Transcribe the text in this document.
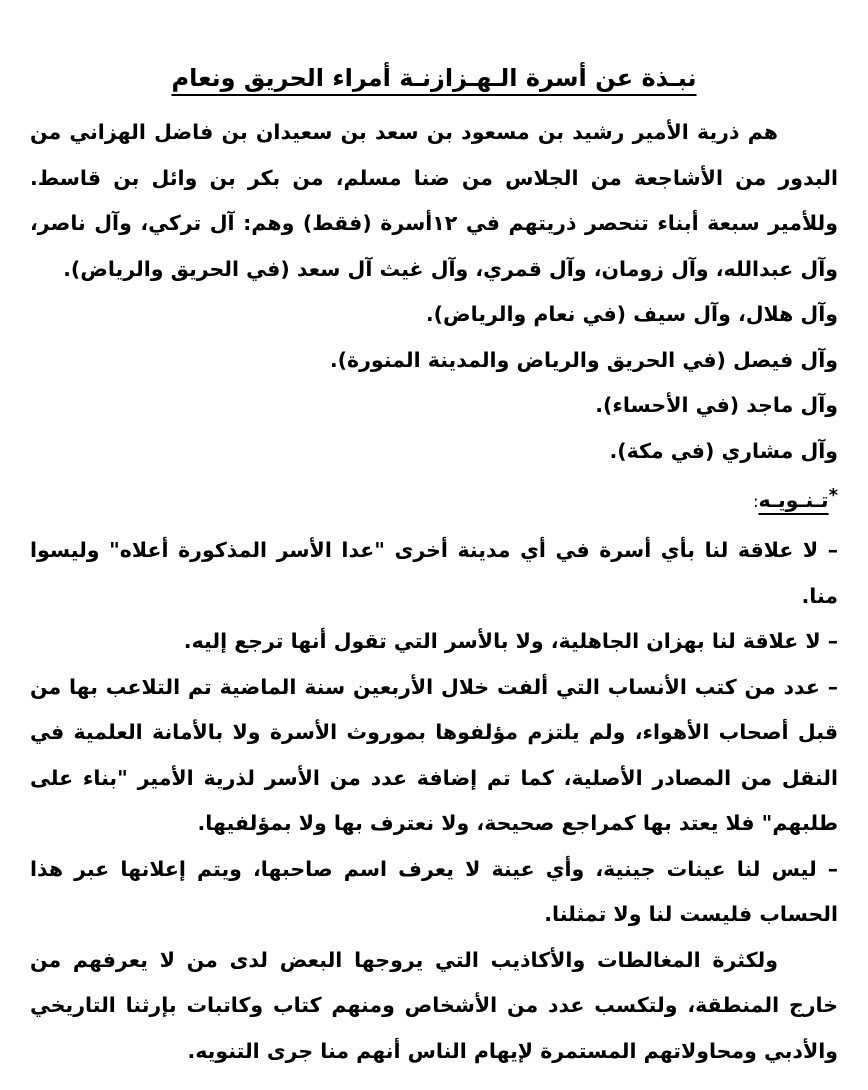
نبـذة عن أسرة الـهـزازنـة أمراء الحريق ونعام

هم ذرية الأمير رشيد بن مسعود بن سعد بن سعيدان بن فاضل الهزاني من البدور من الأشاجعة من الجلاس من ضنا مسلم، من بكر بن وائل بن قاسط. وللأمير سبعة أبناء تنحصر ذريتهم في ١٢أسرة (فقط) وهم: آل تركي، وآل ناصر، وآل عبدالله، وآل زومان، وآل قمري، وآل غيث آل سعد (في الحريق والرياض).

وآل هلال، وآل سيف (في نعام والرياض).

وآل فيصل (في الحريق والرياض والمدينة المنورة).

وآل ماجد (في الأحساء).

وآل مشاري (في مكة).

*تـنـويـه:

– لا علاقة لنا بأي أسرة في أي مدينة أخرى "عدا الأسر المذكورة أعلاه" وليسوا منا.

– لا علاقة لنا بهزان الجاهلية، ولا بالأسر التي تقول أنها ترجع إليه.

– عدد من كتب الأنساب التي ألفت خلال الأربعين سنة الماضية تم التلاعب بها من قبل أصحاب الأهواء، ولم يلتزم مؤلفوها بموروث الأسرة ولا بالأمانة العلمية في النقل من المصادر الأصلية، كما تم إضافة عدد من الأسر لذرية الأمير "بناء على طلبهم" فلا يعتد بها كمراجع صحيحة، ولا نعترف بها ولا بمؤلفيها.

– ليس لنا عينات جينية، وأي عينة لا يعرف اسم صاحبها، ويتم إعلانها عبر هذا الحساب فليست لنا ولا تمثلنا.

ولكثرة المغالطات والأكاذيب التي يروجها البعض لدى من لا يعرفهم من خارج المنطقة، ولتكسب عدد من الأشخاص ومنهم كتاب وكاتبات بإرثنا التاريخي والأدبي ومحاولاتهم المستمرة لإيهام الناس أنهم منا جرى التنويه.
